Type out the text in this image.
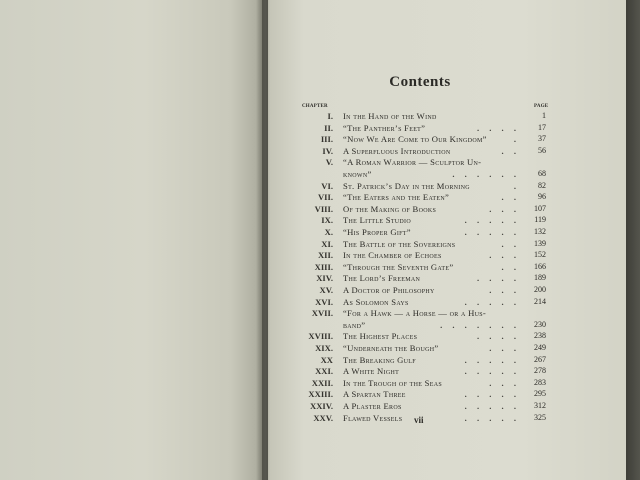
Contents
CHAPTER	PAGE
I. In the Hand of the Wind	1
II. “The Panther’s Feet”	. . . .	17
III. “Now We Are Come to Our Kingdom”	.	37
IV. A Superfluous Introduction	. .	56
V. “A Roman Warrior — Sculptor Un-
known”	. . . . . .	68
VI. St. Patrick’s Day in the Morning	.	82
VII. “The Eaters and the Eaten”	. .	96
VIII. Of the Making of Books	. . .	107
IX. The Little Studio	. . . . .	119
X. “His Proper Gift”	. . . . .	132
XI. The Battle of the Sovereigns	. .	139
XII. In the Chamber of Echoes	. . .	152
XIII. “Through the Seventh Gate”	. .	166
XIV. The Lord’s Freeman	. . . .	189
XV. A Doctor of Philosophy	. . .	200
XVI. As Solomon Says	. . . . .	214
XVII. “For a Hawk — a Horse — or a Hus-
band”	. . . . . . .	230
XVIII. The Highest Places	. . . .	238
XIX. “Underneath the Bough”	. . .	249
XX The Breaking Gulf	. . . . .	267
XXI. A White Night	. . . . .	278
XXII. In the Trough of the Seas	. . .	283
XXIII. A Spartan Three	. . . . .	295
XXIV. A Plaster Eros	. . . . .	312
XXV. Flawed Vessels	. . . . .	325
vii
